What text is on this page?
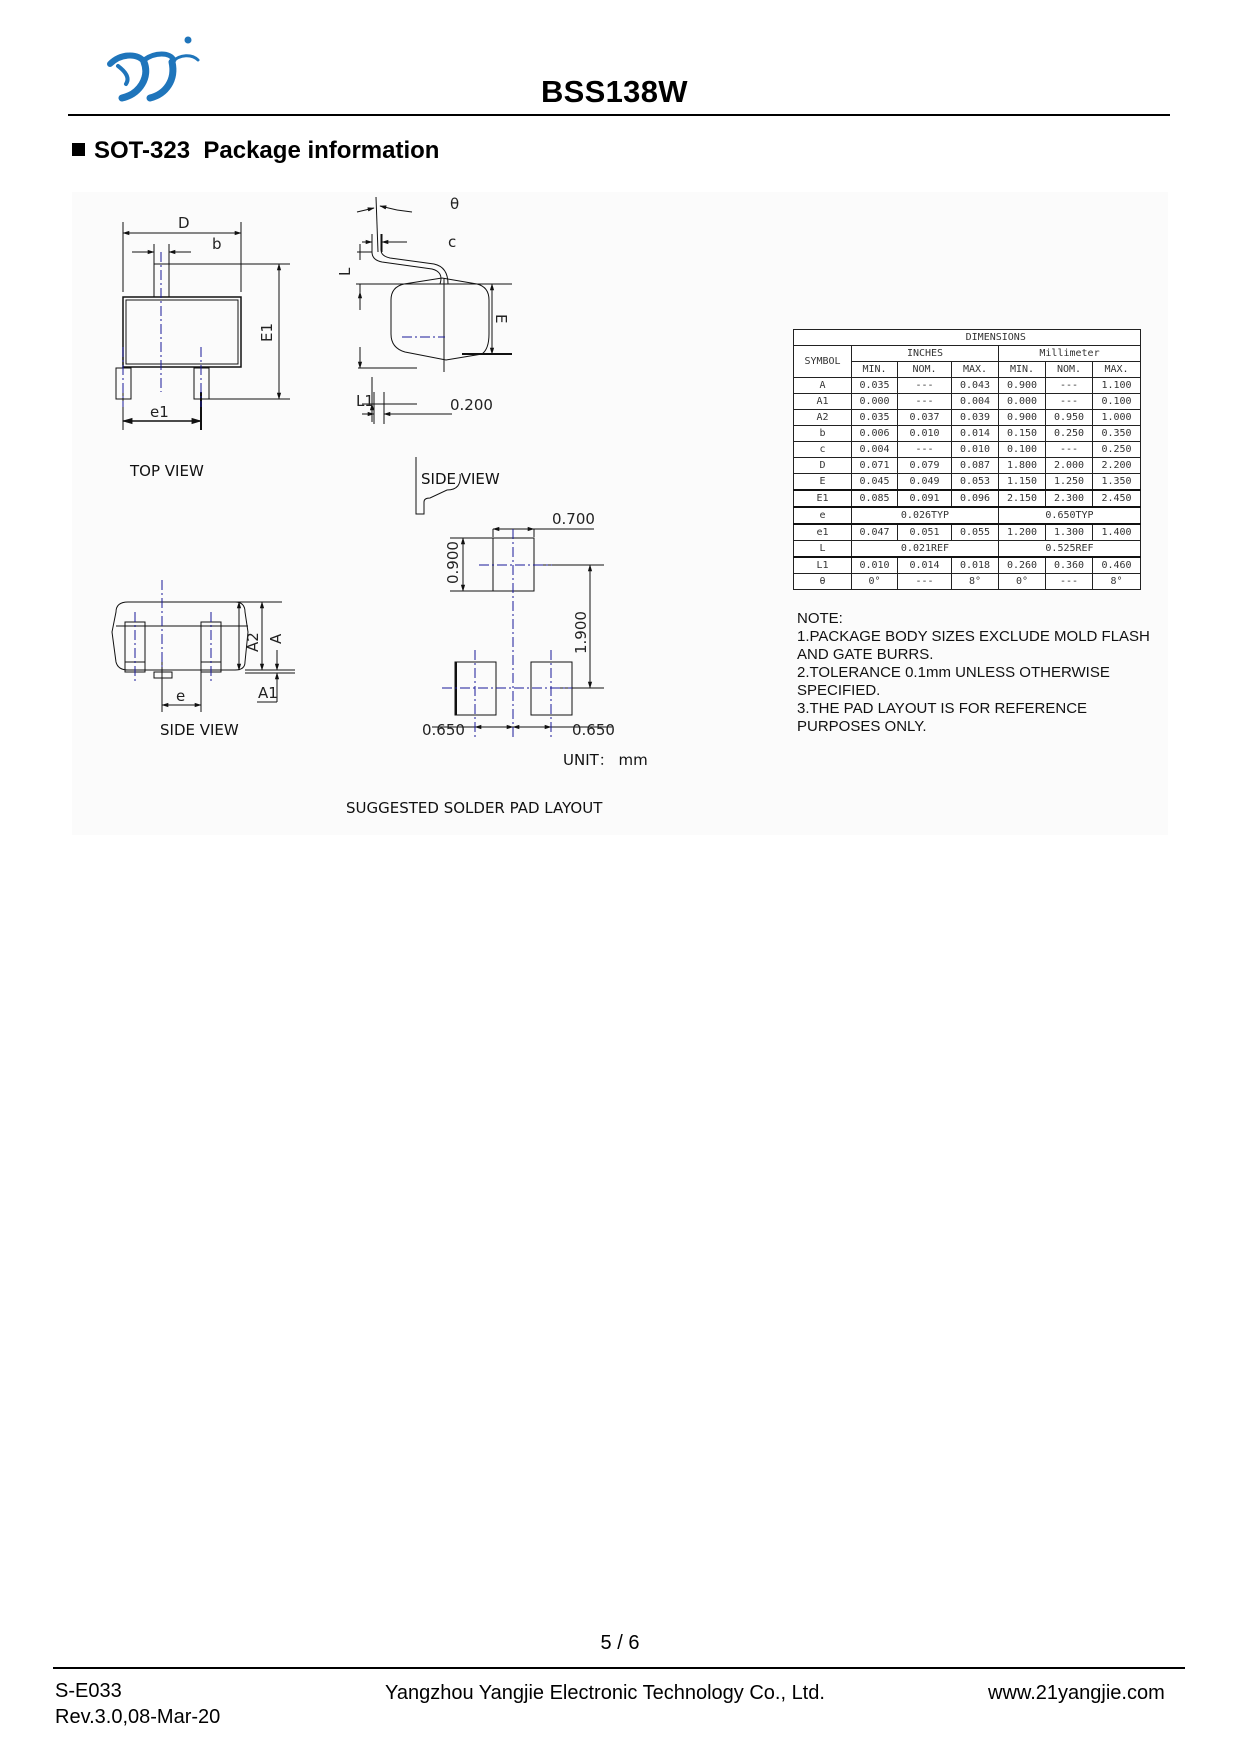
BSS138W
SOT-323  Package information
D
b
E1
e1
TOP VIEW
θ
c
L
E
L1	0.200
SIDE VIEW
A2 A
A1
e
SIDE VIEW
0.700
0.900
1.900
0.650	0.650
UNIT： mm
SUGGESTED SOLDER PAD LAYOUT
	DIMENSIONS					
SYMBOL	INCHES			Millimeter		
	MIN.	NOM.	MAX.	MIN.	NOM.	MAX.
A	0.035	---	0.043	0.900	---	1.100
A1	0.000	---	0.004	0.000	---	0.100
A2	0.035	0.037	0.039	0.900	0.950	1.000
b	0.006	0.010	0.014	0.150	0.250	0.350
c	0.004	---	0.010	0.100	---	0.250
D	0.071	0.079	0.087	1.800	2.000	2.200
E	0.045	0.049	0.053	1.150	1.250	1.350
E1	0.085	0.091	0.096	2.150	2.300	2.450
e	0.026TYP			0.650TYP		
e1	0.047	0.051	0.055	1.200	1.300	1.400
L	0.021REF			0.525REF		
L1	0.010	0.014	0.018	0.260	0.360	0.460
θ	0°	---	8°	0°	---	8°
NOTE:
1.PACKAGE BODY SIZES EXCLUDE MOLD FLASH
AND GATE BURRS.
2.TOLERANCE 0.1mm UNLESS OTHERWISE
SPECIFIED.
3.THE PAD LAYOUT IS FOR REFERENCE
PURPOSES ONLY.
5 / 6
S-E033
Rev.3.0,08-Mar-20
Yangzhou Yangjie Electronic Technology Co., Ltd.	www.21yangjie.com
